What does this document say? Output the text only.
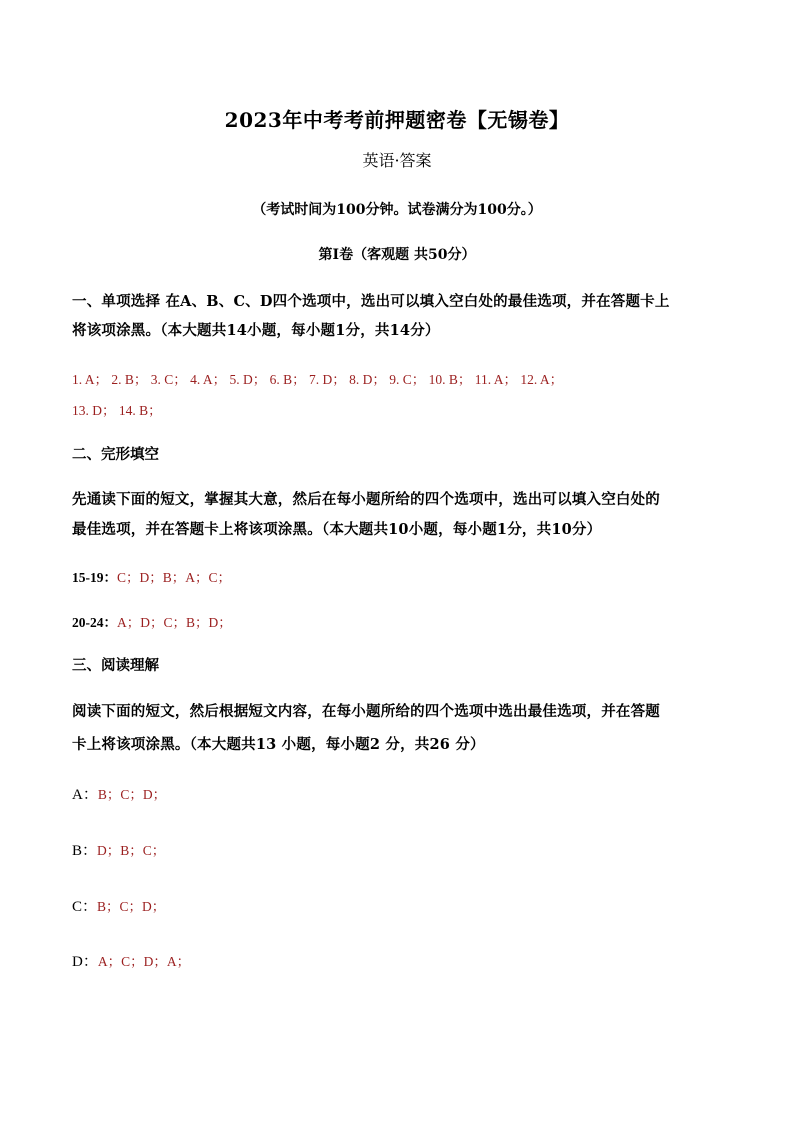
2023年中考考前押题密卷【无锡卷】
英语·答案
（考试时间为100分钟。试卷满分为100分。）
第Ⅰ卷（客观题 共50分）
一、单项选择 在A、B、C、D四个选项中，选出可以填入空白处的最佳选项，并在答题卡上
将该项涂黑。（本大题共14小题，每小题1分，共14分）
1. A； 2. B； 3. C； 4. A； 5. D； 6. B； 7. D； 8. D； 9. C； 10. B； 11. A； 12. A；
13. D； 14. B；
二、完形填空
先通读下面的短文，掌握其大意，然后在每小题所给的四个选项中，选出可以填入空白处的
最佳选项，并在答题卡上将该项涂黑。（本大题共10小题，每小题1分，共10分）
15-19：C；D；B；A；C；
20-24：A；D；C；B；D；
三、阅读理解
阅读下面的短文，然后根据短文内容，在每小题所给的四个选项中选出最佳选项，并在答题
卡上将该项涂黑。（本大题共13 小题，每小题2 分，共26 分）
A：B；C；D；
B：D；B；C；
C：B；C；D；
D：A；C；D；A；
